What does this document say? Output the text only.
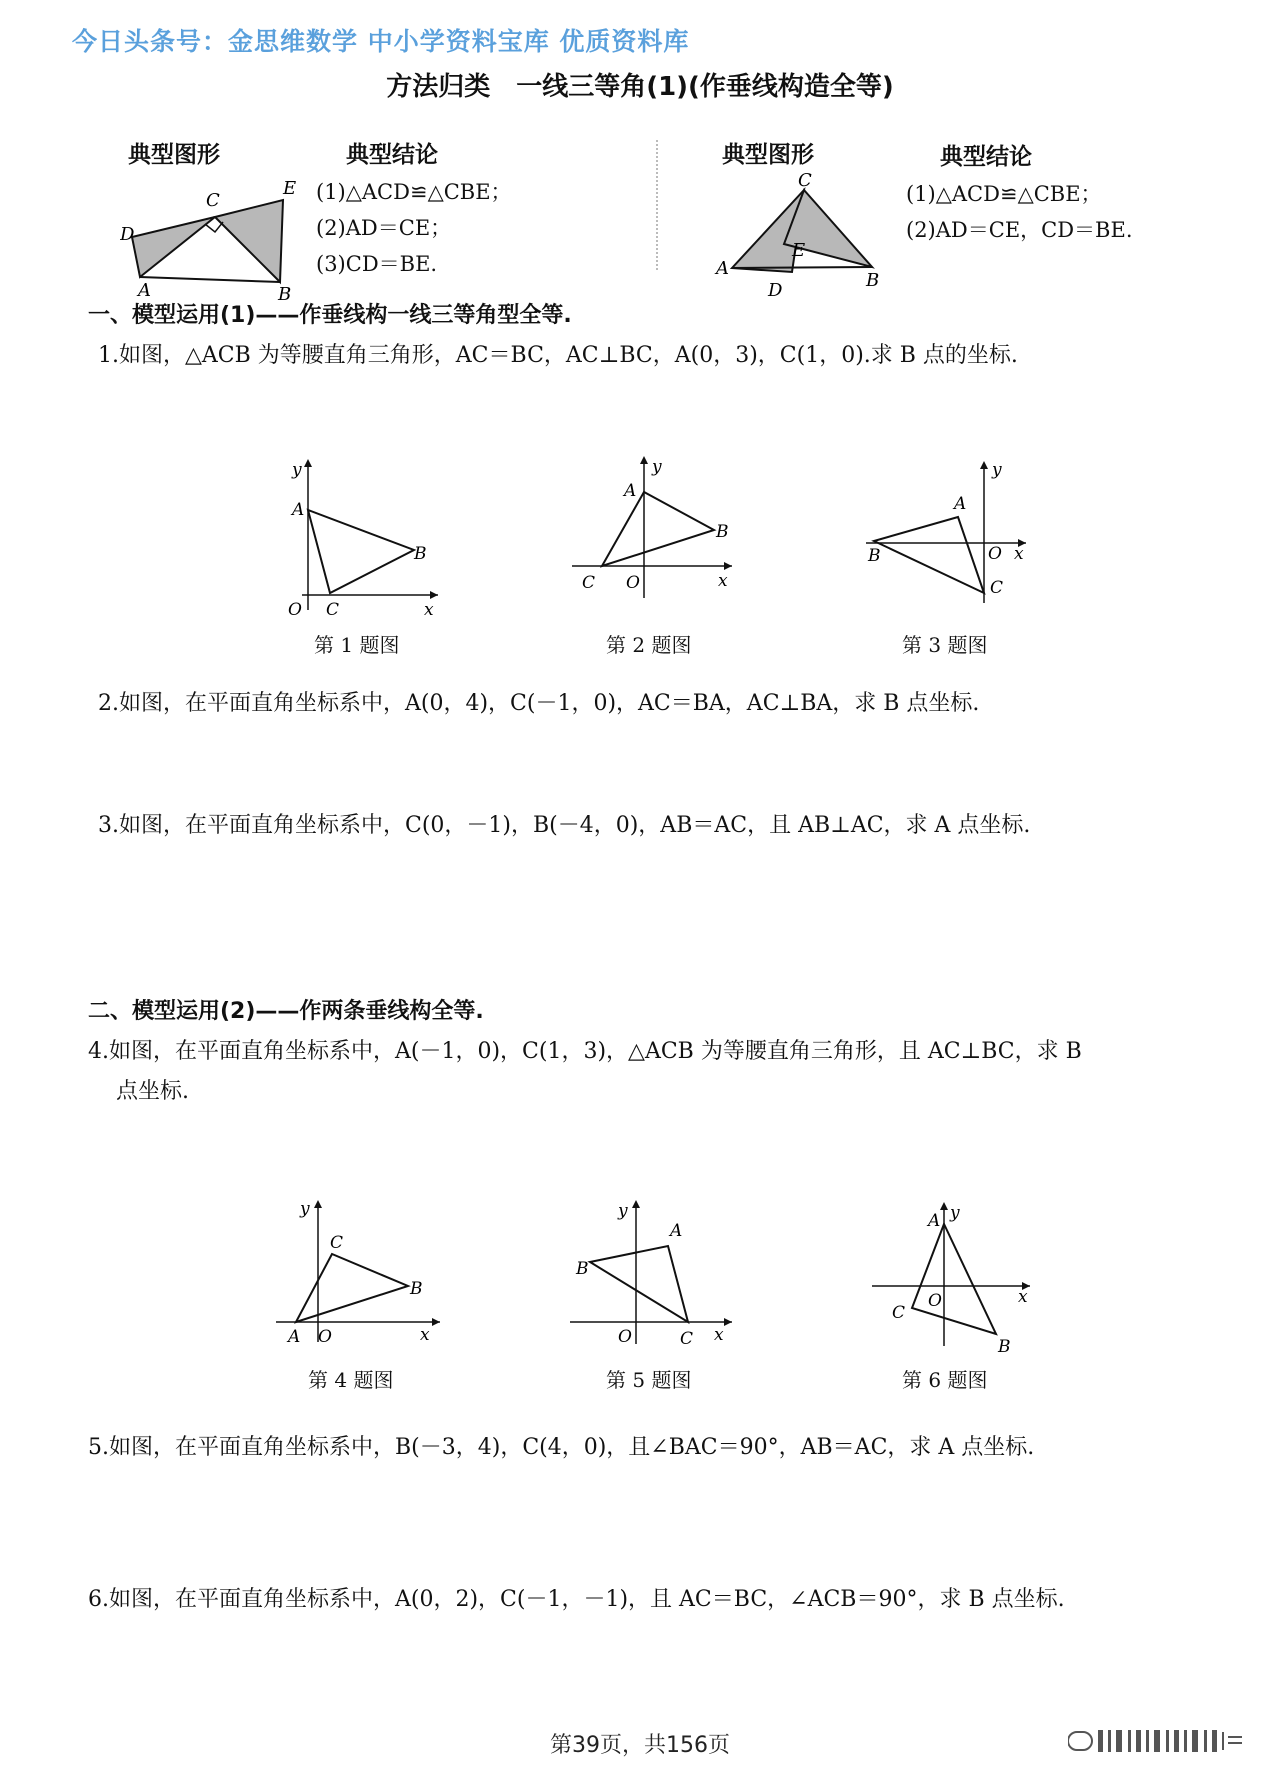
今日头条号：金思维数学 中小学资料宝库 优质资料库
方法归类　一线三等角(1)(作垂线构造全等)
典型图形	典型结论
(1)△ACD≌△CBE；
(2)AD＝CE；
(3)CD＝BE.
D
A
C
E
B
典型图形	典型结论
(1)△ACD≌△CBE；
(2)AD＝CE，CD＝BE.
C
A
E
B
D
一、模型运用(1)——作垂线构一线三等角型全等.
1.如图，△ACB 为等腰直角三角形，AC＝BC，AC⊥BC，A(0，3)，C(1，0).求 B 点的坐标.
y
A
B
C
O	x
第 1 题图
y
A
B
C O	x
第 2 题图
y
A
B
C
O x
第 3 题图
2.如图，在平面直角坐标系中，A(0，4)，C(－1，0)，AC＝BA，AC⊥BA，求 B 点坐标.
3.如图，在平面直角坐标系中，C(0，－1)，B(－4，0)，AB＝AC，且 AB⊥AC，求 A 点坐标.
二、模型运用(2)——作两条垂线构全等.
4.如图，在平面直角坐标系中，A(－1，0)，C(1，3)，△ACB 为等腰直角三角形，且 AC⊥BC，求 B
点坐标.
y
C
B
A O	x
第 4 题图
y
A
B
C
O	x
第 5 题图
A y
O
C
B
x
第 6 题图
5.如图，在平面直角坐标系中，B(－3，4)，C(4，0)，且∠BAC＝90°，AB＝AC，求 A 点坐标.
6.如图，在平面直角坐标系中，A(0，2)，C(－1，－1)，且 AC＝BC，∠ACB＝90°，求 B 点坐标.
第39页，共156页
